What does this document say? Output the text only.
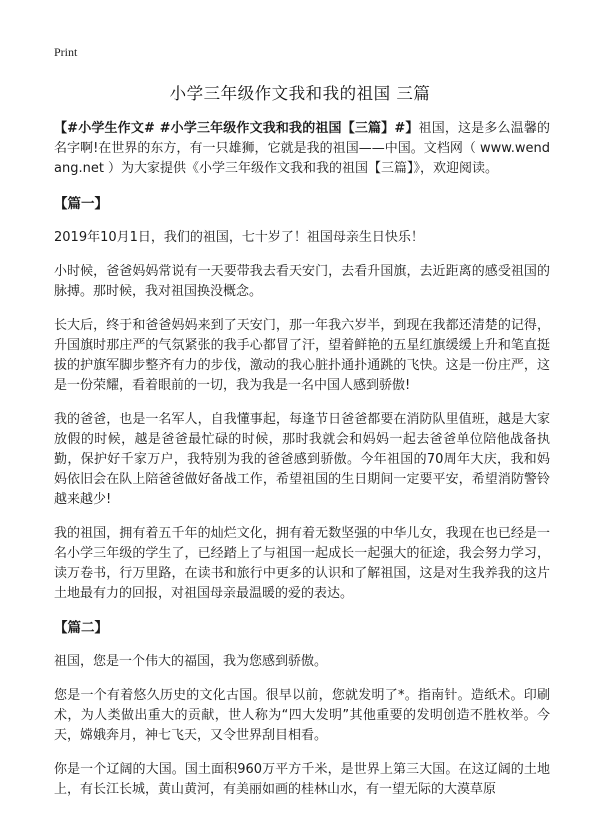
Print
小学三年级作文我和我的祖国 三篇

【#小学生作文# #小学三年级作文我和我的祖国【三篇】#】祖国，这是多么温馨的名字啊!在世界的东方，有一只雄狮，它就是我的祖国——中国。文档网（ www.wendang.net ）为大家提供《小学三年级作文我和我的祖国【三篇】》，欢迎阅读。

【篇一】

2019年10月1日，我们的祖国，七十岁了！祖国母亲生日快乐！

小时候，爸爸妈妈常说有一天要带我去看天安门，去看升国旗，去近距离的感受祖国的脉搏。那时候，我对祖国换没概念。

长大后，终于和爸爸妈妈来到了天安门，那一年我六岁半，到现在我都还清楚的记得，升国旗时那庄严的气氛紧张的我手心都冒了汗，望着鲜艳的五星红旗缓缓上升和笔直挺拔的护旗军脚步整齐有力的步伐，激动的我心脏扑通扑通跳的飞快。这是一份庄严，这是一份荣耀，看着眼前的一切，我为我是一名中国人感到骄傲!

我的爸爸，也是一名军人，自我懂事起，每逢节日爸爸都要在消防队里值班，越是大家放假的时候，越是爸爸最忙碌的时候，那时我就会和妈妈一起去爸爸单位陪他战备执勤，保护好千家万户，我特别为我的爸爸感到骄傲。今年祖国的70周年大庆，我和妈妈依旧会在队上陪爸爸做好备战工作，希望祖国的生日期间一定要平安，希望消防警铃越来越少!

我的祖国，拥有着五千年的灿烂文化，拥有着无数坚强的中华儿女，我现在也已经是一名小学三年级的学生了，已经踏上了与祖国一起成长一起强大的征途，我会努力学习，读万卷书，行万里路，在读书和旅行中更多的认识和了解祖国，这是对生我养我的这片土地最有力的回报，对祖国母亲最温暖的爱的表达。

【篇二】

祖国，您是一个伟大的福国，我为您感到骄傲。

您是一个有着悠久历史的文化古国。很早以前，您就发明了*。指南针。造纸术。印刷术，为人类做出重大的贡献，世人称为“四大发明”其他重要的发明创造不胜枚举。今天，嫦娥奔月，神七飞天，又令世界刮目相看。

你是一个辽阔的大国。国土面积960万平方千米，是世界上第三大国。在这辽阔的土地上，有长江长城，黄山黄河，有美丽如画的桂林山水，有一望无际的大漠草原
